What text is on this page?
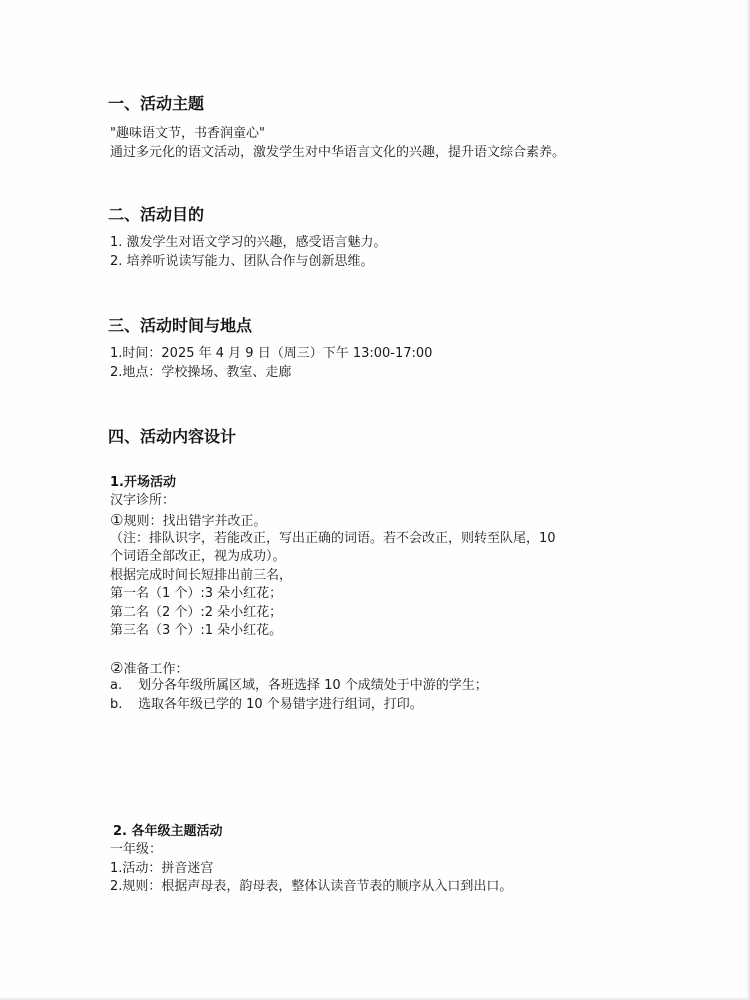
一、活动主题
"趣味语文节，书香润童心"
通过多元化的语文活动，激发学生对中华语言文化的兴趣，提升语文综合素养。
二、活动目的
1. 激发学生对语文学习的兴趣，感受语言魅力。
2. 培养听说读写能力、团队合作与创新思维。
三、活动时间与地点
1.时间：2025 年 4 月 9 日（周三）下午 13:00-17:00
2.地点：学校操场、教室、走廊
四、活动内容设计
1.开场活动
汉字诊所：
①规则：找出错字并改正。
（注：排队识字，若能改正，写出正确的词语。若不会改正，则转至队尾，10
个词语全部改正，视为成功）。
根据完成时间长短排出前三名，
第一名（1 个）:3 朵小红花；
第二名（2 个）:2 朵小红花；
第三名（3 个）:1 朵小红花。
②准备工作：
a. 划分各年级所属区域，各班选择 10 个成绩处于中游的学生；
b. 选取各年级已学的 10 个易错字进行组词，打印。
2. 各年级主题活动
一年级：
1.活动：拼音迷宫
2.规则：根据声母表，韵母表，整体认读音节表的顺序从入口到出口。
